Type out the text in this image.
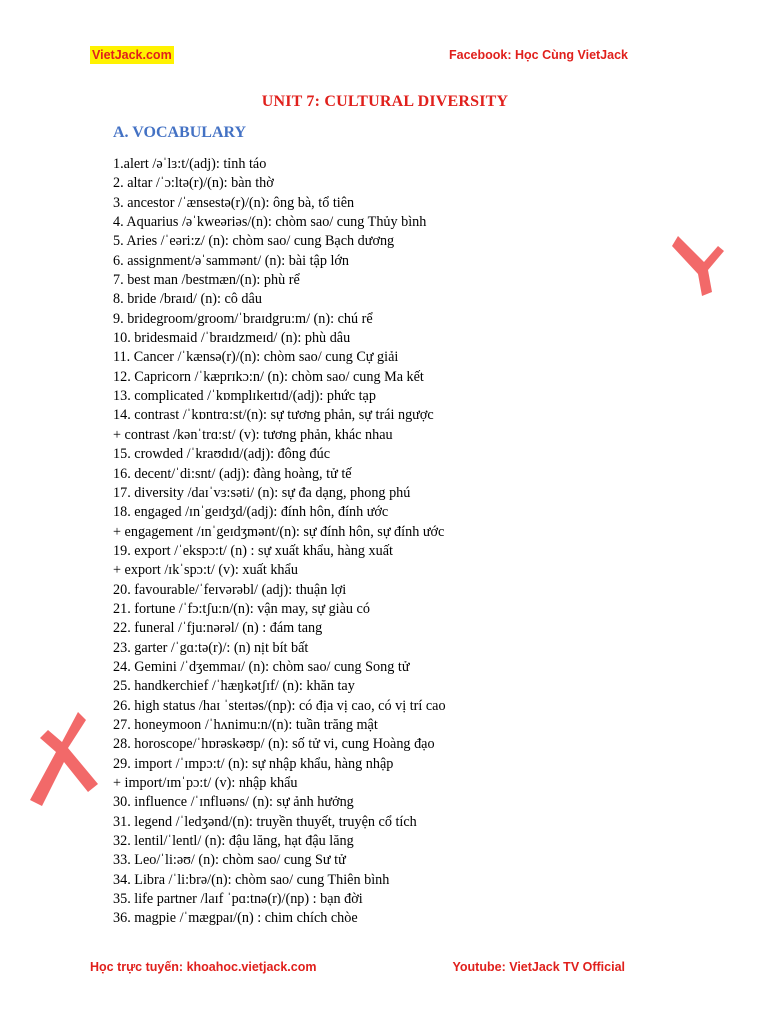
VietJack.com	Facebook: Học Cùng VietJack
UNIT 7: CULTURAL DIVERSITY
A. VOCABULARY
1.alert /əˈlɜ:t/(adj): tỉnh táo
2. altar /ˈɔ:ltə(r)/(n): bàn thờ
3. ancestor /ˈænsestə(r)/(n): ông bà, tổ tiên
4. Aquarius /əˈkweəriəs/(n): chòm sao/ cung Thủy bình
5. Aries /ˈeəri:z/ (n): chòm sao/ cung Bạch dương
6. assignment/əˈsammənt/ (n): bài tập lớn
7. best man /bestmæn/(n): phù rể
8. bride /braɪd/ (n): cô dâu
9. bridegroom/groom/ˈbraɪdgru:m/ (n): chú rể
10. bridesmaid /ˈbraɪdzmeɪd/ (n): phù dâu
11. Cancer /ˈkænsə(r)/(n): chòm sao/ cung Cự giải
12. Capricorn /ˈkæprɪkɔ:n/ (n): chòm sao/ cung Ma kết
13. complicated /ˈkɒmplɪkeɪtɪd/(adj): phức tạp
14. contrast /ˈkɒntrɑ:st/(n): sự tương phản, sự trái ngược
+ contrast /kənˈtrɑ:st/ (v): tương phản, khác nhau
15. crowded /ˈkraʊdɪd/(adj): đông đúc
16. decent/ˈdi:snt/ (adj): đàng hoàng, tử tế
17. diversity /daɪˈvɜ:səti/ (n): sự đa dạng, phong phú
18. engaged /ɪnˈgeɪdʒd/(adj): đính hôn, đính ước
+ engagement /ɪnˈgeɪdʒmənt/(n): sự đính hôn, sự đính ước
19. export /ˈekspɔ:t/ (n) : sự xuất khẩu, hàng xuất
+ export /ɪkˈspɔ:t/ (v): xuất khẩu
20. favourable/ˈfeɪvərəbl/ (adj): thuận lợi
21. fortune /ˈfɔ:tʃu:n/(n): vận may, sự giàu có
22. funeral /ˈfju:nərəl/ (n) : đám tang
23. garter /ˈgɑ:tə(r)/: (n) nịt bít bất
24. Gemini /ˈdʒemmaɪ/ (n): chòm sao/ cung Song tử
25. handkerchief /ˈhæŋkətʃɪf/ (n): khăn tay
26. high status /haɪ ˈsteɪtəs/(np): có địa vị cao, có vị trí cao
27. honeymoon /ˈhʌnimu:n/(n): tuần trăng mật
28. horoscope/ˈhɒrəskəʊp/ (n): số tử vi, cung Hoàng đạo
29. import /ˈɪmpɔ:t/ (n): sự nhập khẩu, hàng nhập
+ import/ɪmˈpɔ:t/ (v): nhập khẩu
30. influence /ˈɪnfluəns/ (n): sự ảnh hưởng
31. legend /ˈledʒənd/(n): truyền thuyết, truyện cổ tích
32. lentil/ˈlentl/ (n): đậu lăng, hạt đậu lăng
33. Leo/ˈli:əʊ/ (n): chòm sao/ cung Sư tử
34. Libra /ˈli:brə/(n): chòm sao/ cung Thiên bình
35. life partner /laɪf ˈpɑ:tnə(r)/(np) : bạn đời
36. magpie /ˈmægpaɪ/(n) : chim chích chòe
Học trực tuyến: khoahoc.vietjack.com	Youtube: VietJack TV Official
